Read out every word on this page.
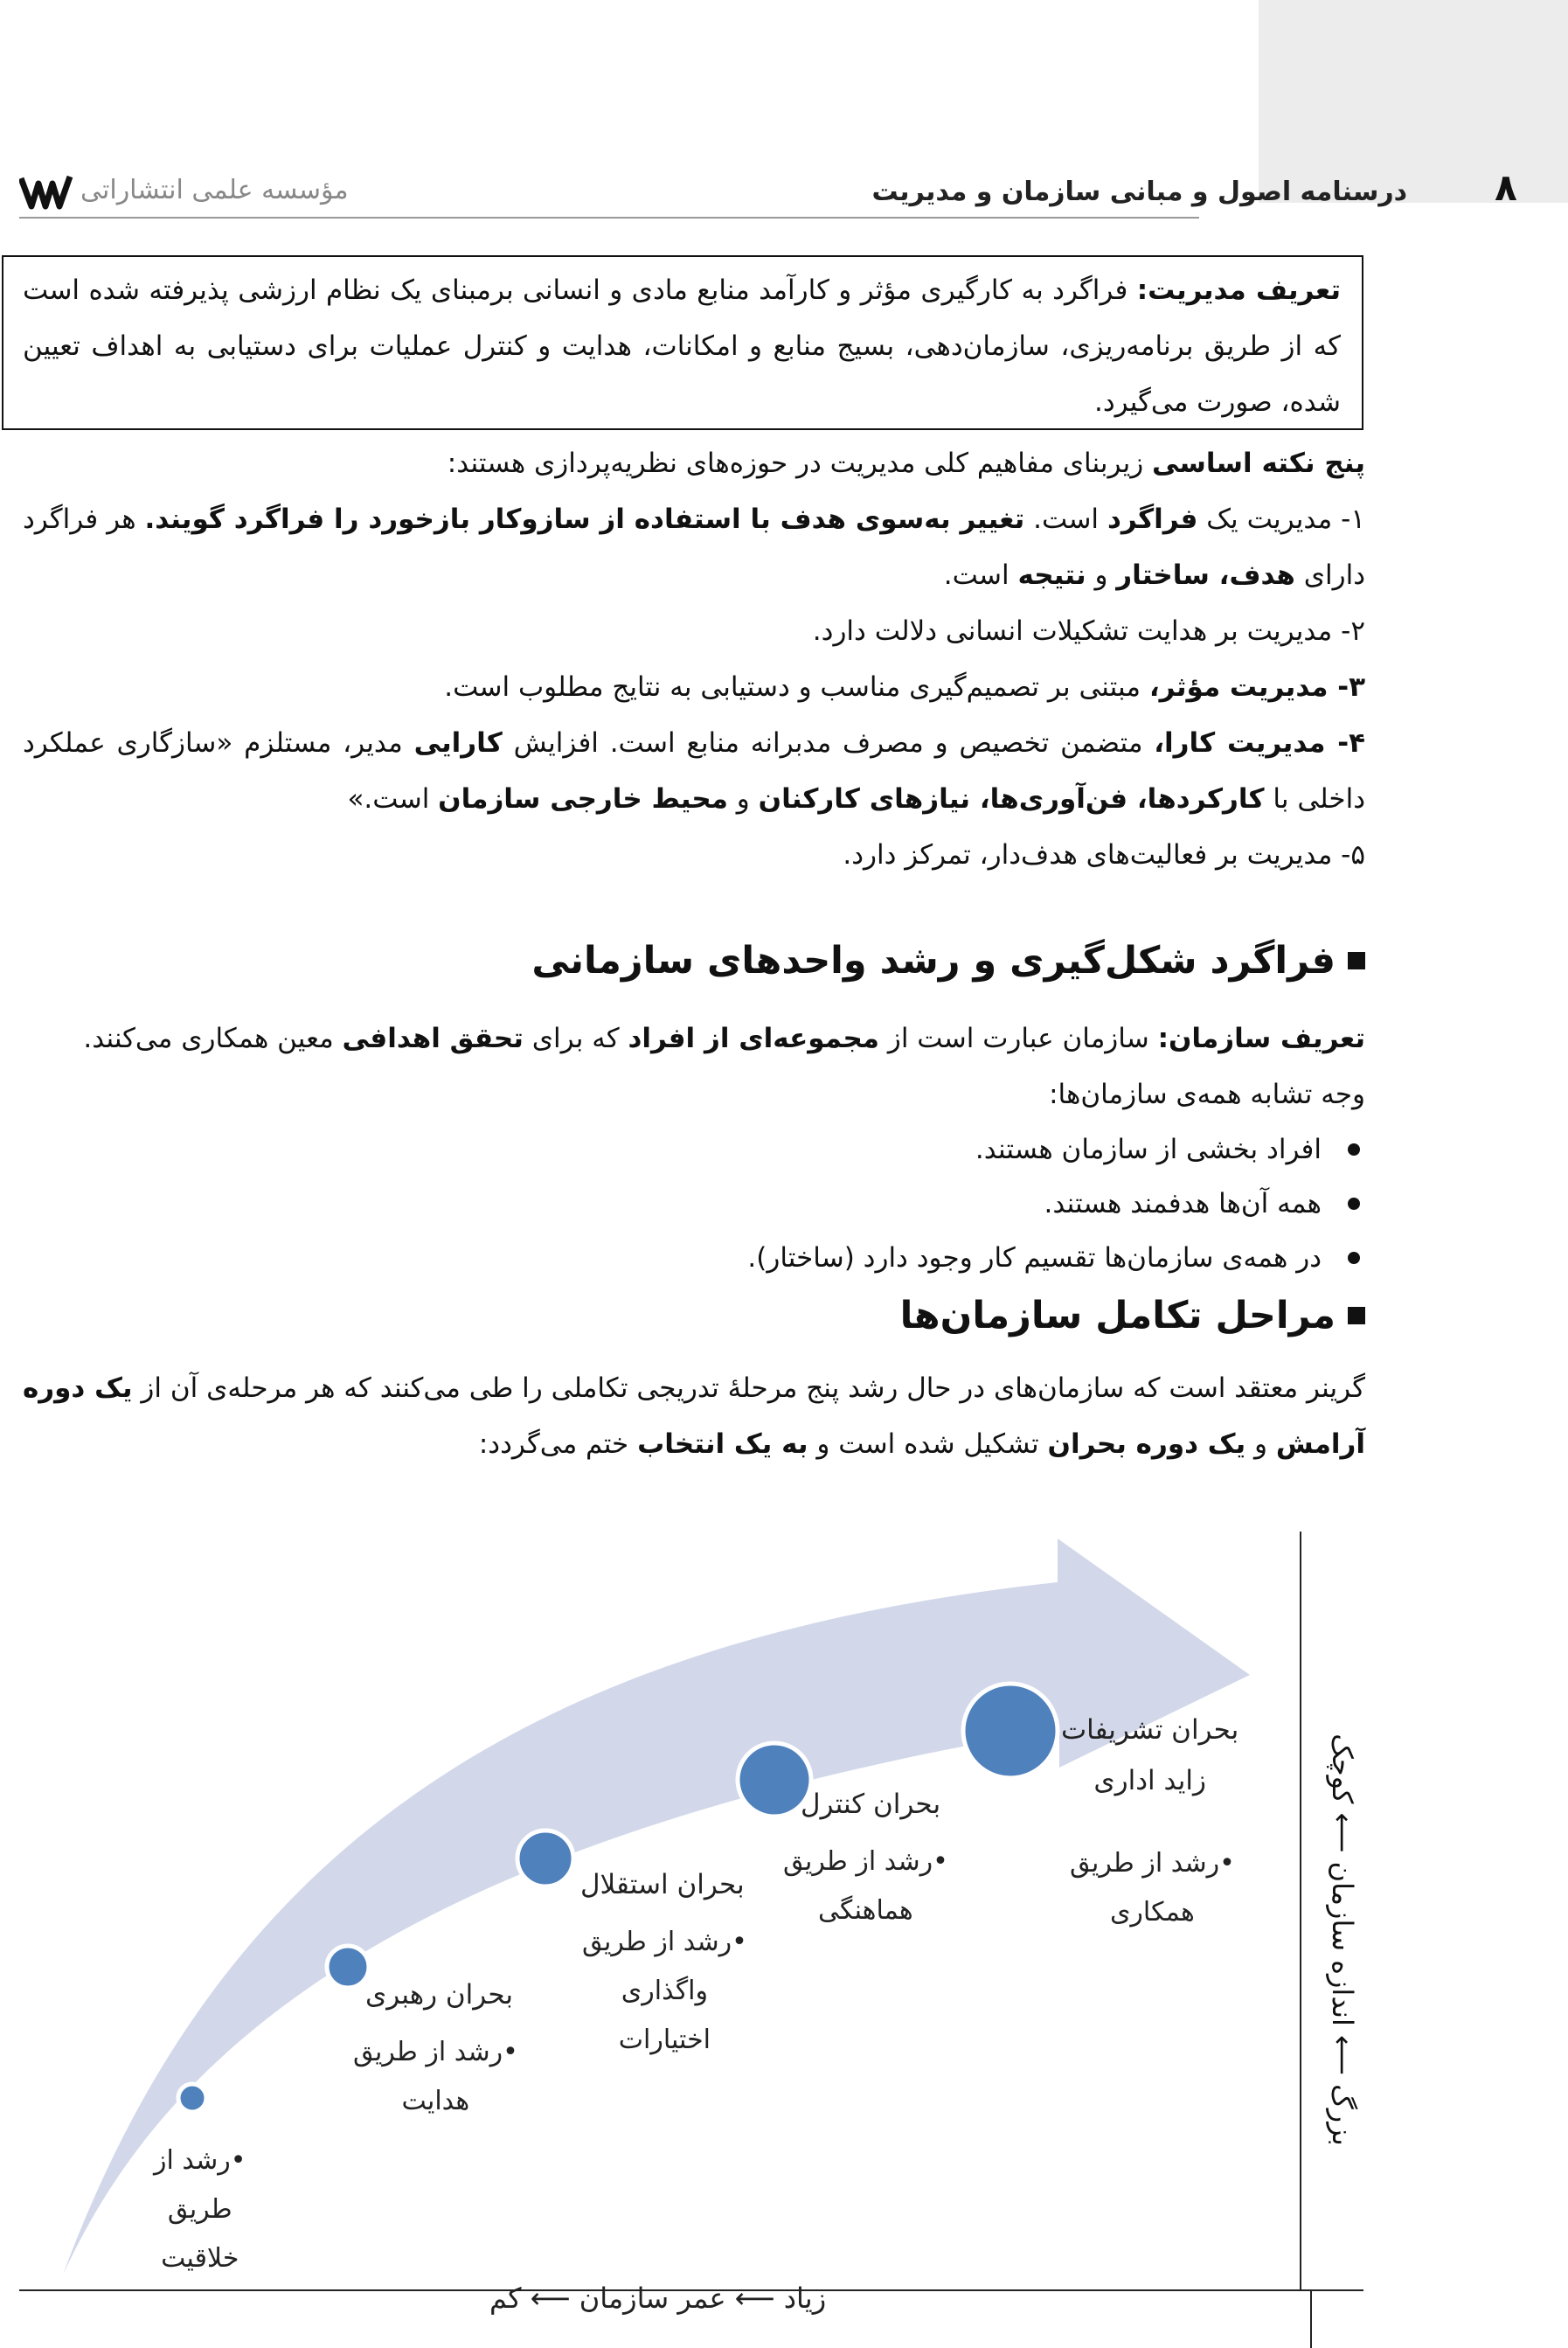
۸
درسنامه اصول و مبانی سازمان و مدیریت
مؤسسه علمی انتشاراتی
تعریف مدیریت: فراگرد به کارگیری مؤثر و کارآمد منابع مادی و انسانی برمبنای یک نظام ارزشی پذیرفته شده است که از طریق برنامه‌ریزی، سازمان‌دهی، بسیج منابع و امکانات، هدایت و کنترل عملیات برای دستیابی به اهداف تعیین شده، صورت می‌گیرد.

پنج نکته اساسی زیربنای مفاهیم کلی مدیریت در حوزه‌های نظریه‌پردازی هستند:

۱- مدیریت یک فراگرد است. تغییر به‌سوی هدف با استفاده از سازوکار بازخورد را فراگرد گویند. هر فراگرد دارای هدف، ساختار و نتیجه است.

۲- مدیریت بر هدایت تشکیلات انسانی دلالت دارد.

۳- مدیریت مؤثر، مبتنی بر تصمیم‌گیری مناسب و دستیابی به نتایج مطلوب است.

۴- مدیریت کارا، متضمن تخصیص و مصرف مدبرانه منابع است. افزایش کارایی مدیر، مستلزم «سازگاری عملکرد داخلی با کارکردها، فن‌آوری‌ها، نیازهای کارکنان و محیط خارجی سازمان است.»

۵- مدیریت بر فعالیت‌های هدف‌دار، تمرکز دارد.

فراگرد شکل‌گیری و رشد واحدهای سازمانی

تعریف سازمان: سازمان عبارت است از مجموعه‌ای از افراد که برای تحقق اهدافی معین همکاری می‌کنند.

وجه تشابه همه‌ی سازمان‌ها:

افراد بخشی از سازمان هستند.
همه آن‌ها هدفمند هستند.
در همه‌ی سازمان‌ها تقسیم کار وجود دارد (ساختار).
مراحل تکامل سازمان‌ها

گرینر معتقد است که سازمان‌های در حال رشد پنج مرحلۀ تدریجی تکاملی را طی می‌کنند که هر مرحله‌ی آن از یک دوره آرامش و یک دوره بحران تشکیل شده است و به یک انتخاب ختم می‌گردد:

•رشد از
طریق
خلاقیت
بحران رهبری
•رشد از طریق
هدایت
بحران استقلال
•رشد از طریق
واگذاری
اختیارات
بحران کنترل
•رشد از طریق
هماهنگی
بحران تشریفات
زاید اداری
•رشد از طریق
همکاری	بزرگ ⟵ اندازه سازمان ⟵ کوچک
زیاد ⟵ عمر سازمان ⟵ کم
